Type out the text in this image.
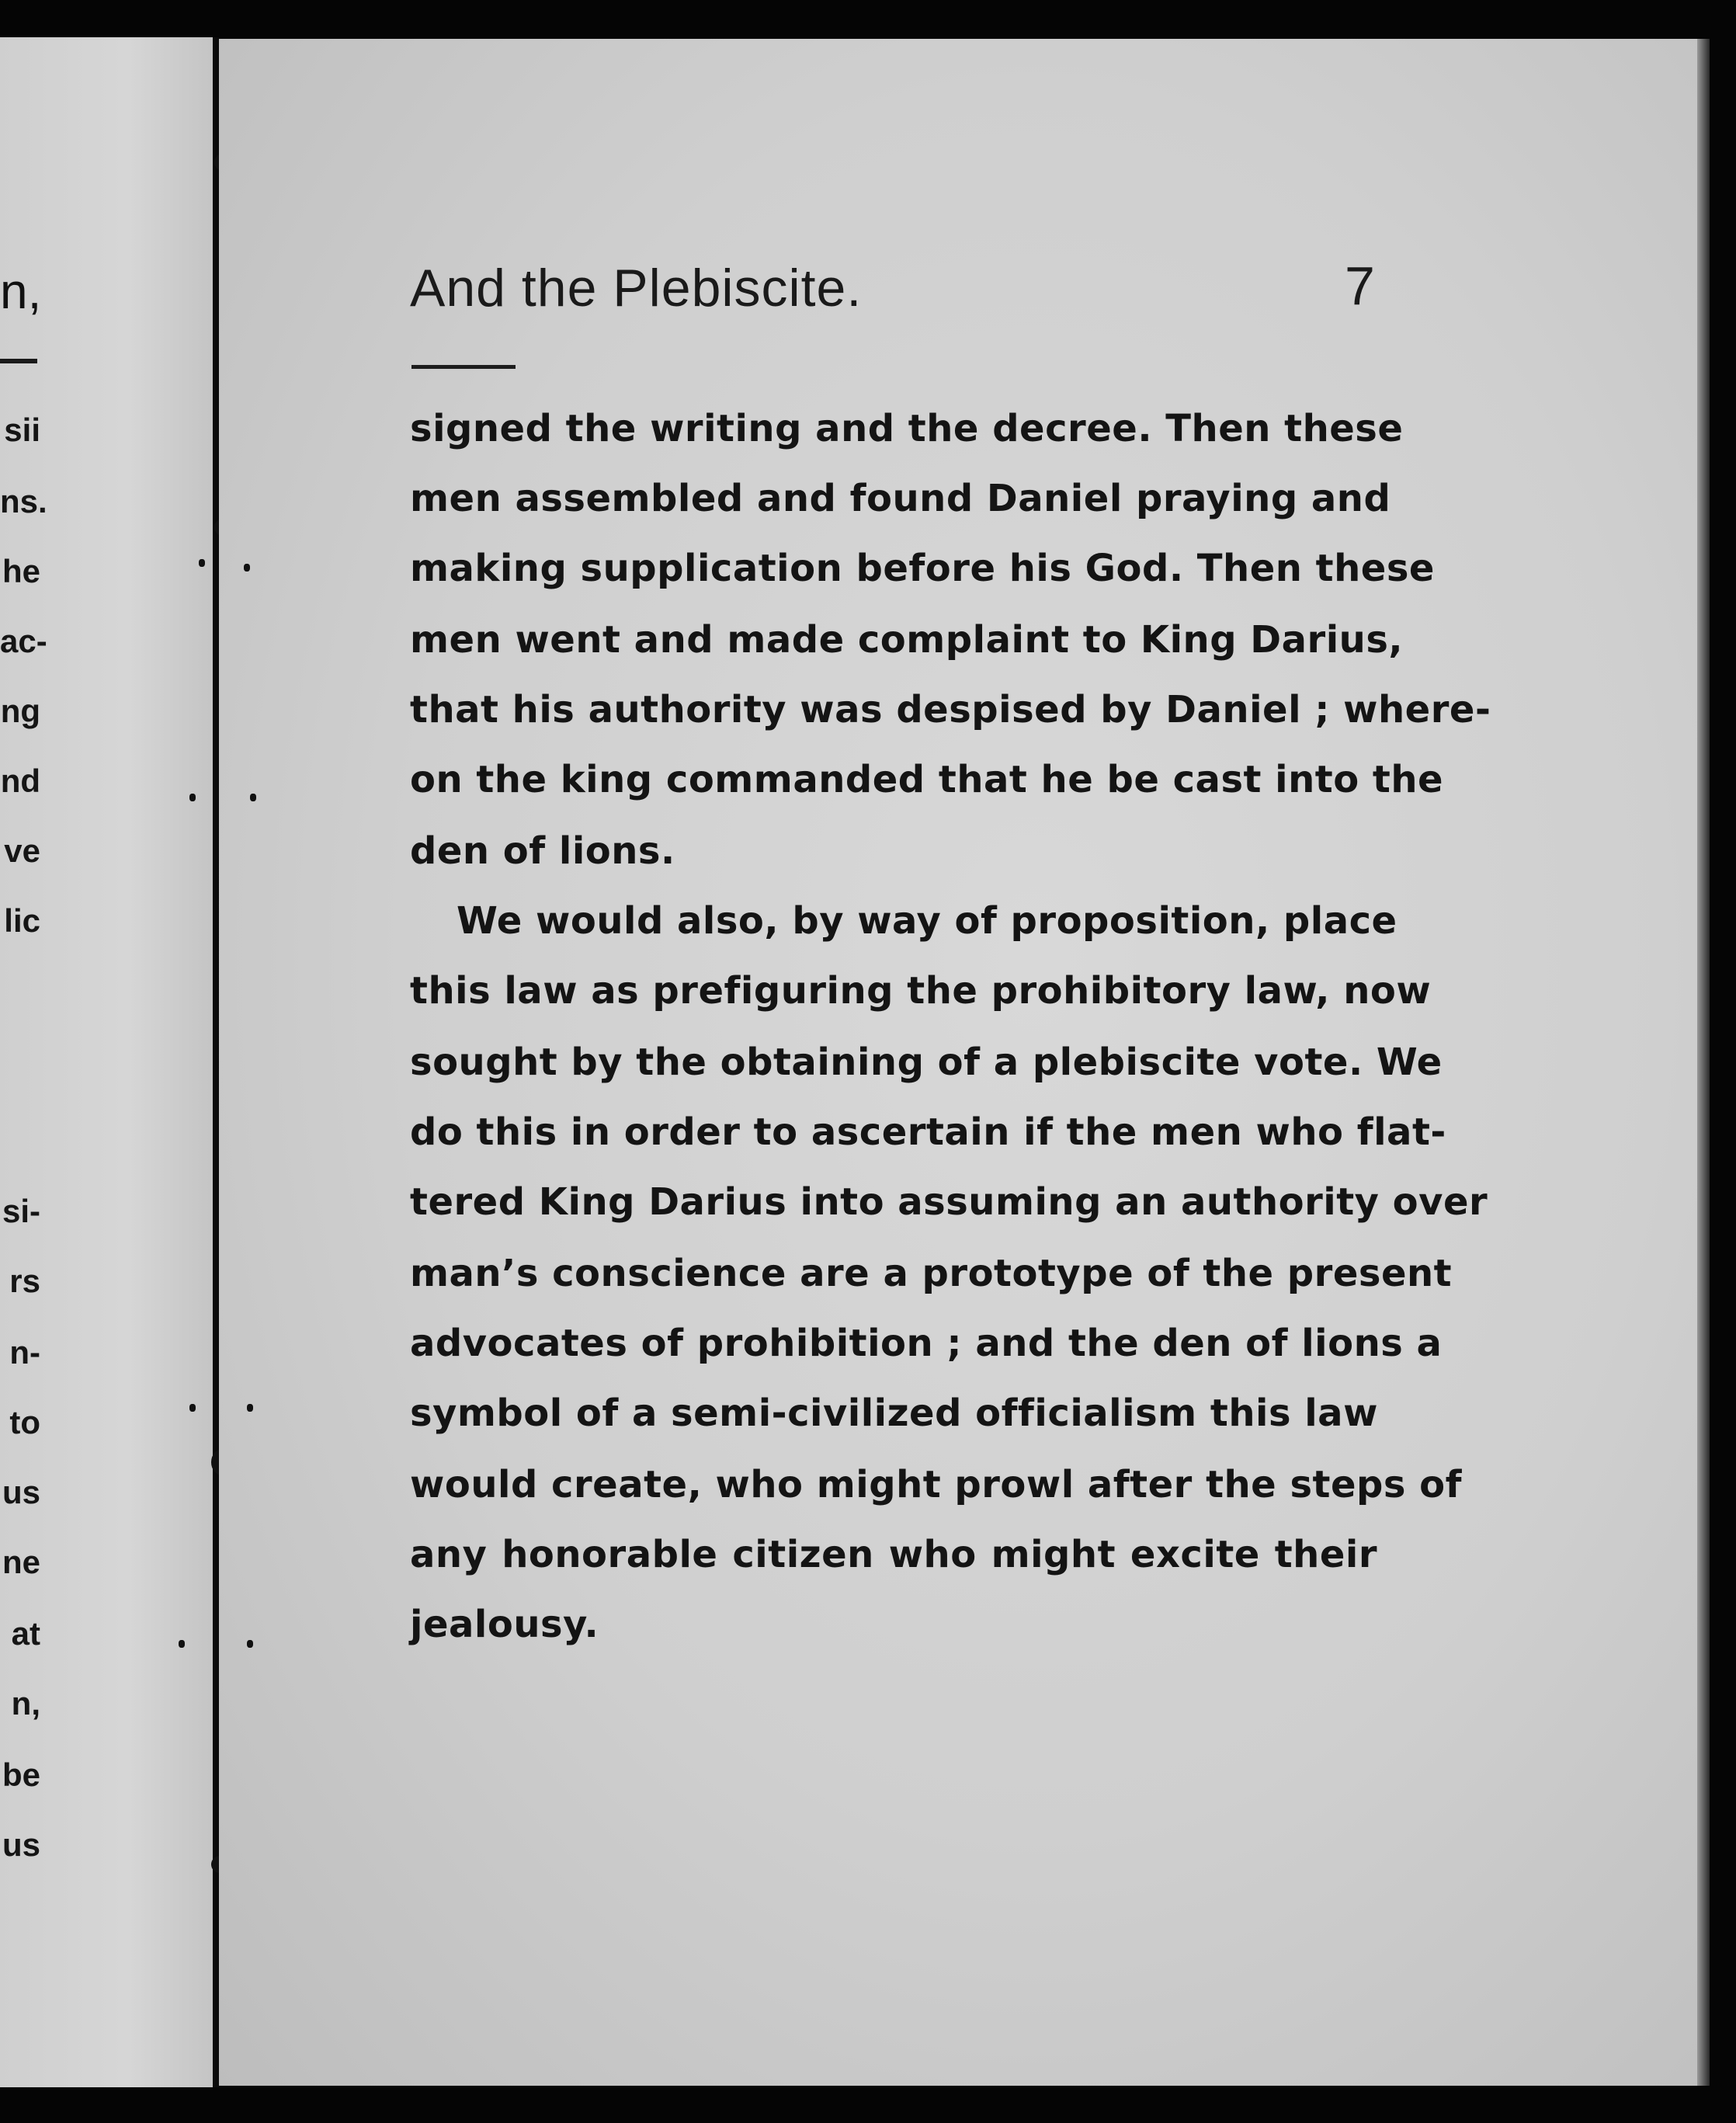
n,
sii
ns.
he
ac-
ng
nd
ve
lic
si-
rs
n-
to
us
ne
at
n,
be
us
And the Plebiscite.	7
signed the writing and the decree. Then these
men assembled and found Daniel praying and
making supplication before his God. Then these
men went and made complaint to King Darius,
that his authority was despised by Daniel ; where-
on the king commanded that he be cast into the
den of lions.
We would also, by way of proposition, place
this law as prefiguring the prohibitory law, now
sought by the obtaining of a plebiscite vote. We
do this in order to ascertain if the men who flat-
tered King Darius into assuming an authority over
man’s conscience are a prototype of the present
advocates of prohibition ; and the den of lions a
symbol of a semi-civilized officialism this law
would create, who might prowl after the steps of
any honorable citizen who might excite their
jealousy.
